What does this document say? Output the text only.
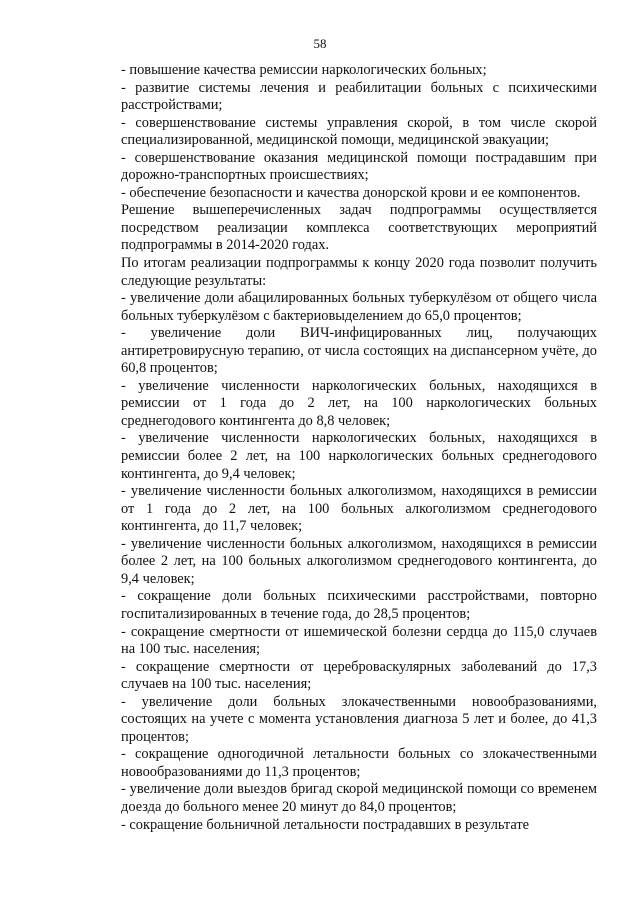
58

- повышение качества ремиссии наркологических больных;

- развитие системы лечения и реабилитации больных с психическими расстройствами;

- совершенствование системы управления скорой, в том числе скорой специализированной, медицинской помощи, медицинской эвакуации;

- совершенствование оказания медицинской помощи пострадавшим при дорожно-транспортных происшествиях;

- обеспечение безопасности и качества донорской крови и ее компонентов.

Решение вышеперечисленных задач подпрограммы осуществляется посредством реализации комплекса соответствующих мероприятий подпрограммы в 2014-2020 годах.

По итогам реализации подпрограммы к концу 2020 года позволит получить следующие результаты:

- увеличение доли абацилированных больных туберкулёзом от общего числа больных туберкулёзом с бактериовыделением до 65,0 процентов;

- увеличение доли ВИЧ-инфицированных лиц, получающих антиретровирусную терапию, от числа состоящих на диспансерном учёте, до 60,8 процентов;

- увеличение численности наркологических больных, находящихся в ремиссии от 1 года до 2 лет, на 100 наркологических больных среднегодового контингента до 8,8 человек;

- увеличение численности наркологических больных, находящихся в ремиссии более 2 лет, на 100 наркологических больных среднегодового контингента, до 9,4 человек;

- увеличение численности больных алкоголизмом, находящихся в ремиссии от 1 года до 2 лет, на 100 больных алкоголизмом среднегодового контингента, до 11,7 человек;

- увеличение численности больных алкоголизмом, находящихся в ремиссии более 2 лет, на 100 больных алкоголизмом среднегодового контингента, до 9,4 человек;

- сокращение доли больных психическими расстройствами, повторно госпитализированных в течение года, до 28,5 процентов;

- сокращение смертности от ишемической болезни сердца до 115,0 случаев на 100 тыс. населения;

- сокращение смертности от цереброваскулярных заболеваний до 17,3 случаев на 100 тыс. населения;

- увеличение доли больных злокачественными новообразованиями, состоящих на учете с момента установления диагноза 5 лет и более, до 41,3 процентов;

- сокращение одногодичной летальности больных со злокачественными новообразованиями до 11,3 процентов;

- увеличение доли выездов бригад скорой медицинской помощи со временем доезда до больного менее 20 минут до 84,0 процентов;

- сокращение больничной летальности пострадавших в результате
